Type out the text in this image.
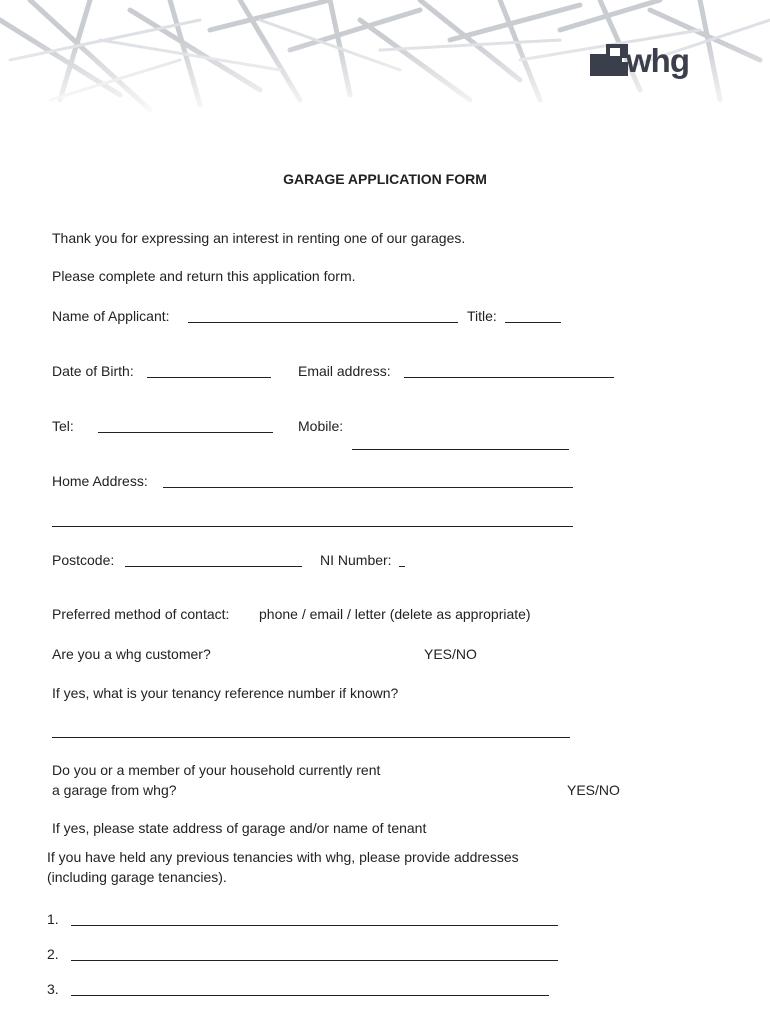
whg
GARAGE APPLICATION FORM
Thank you for expressing an interest in renting one of our garages.
Please complete and return this application form.
Name of Applicant:	Title:
Date of Birth:	Email address:
Tel:	Mobile:
Home Address:
Postcode:	NI Number:
Preferred method of contact: phone / email / letter (delete as appropriate)
Are you a whg customer?	YES/NO
If yes, what is your tenancy reference number if known?
Do you or a member of your household currently rent
a garage from whg?	YES/NO
If yes, please state address of garage and/or name of tenant
If you have held any previous tenancies with whg, please provide addresses
(including garage tenancies).
1.
2.
3.
